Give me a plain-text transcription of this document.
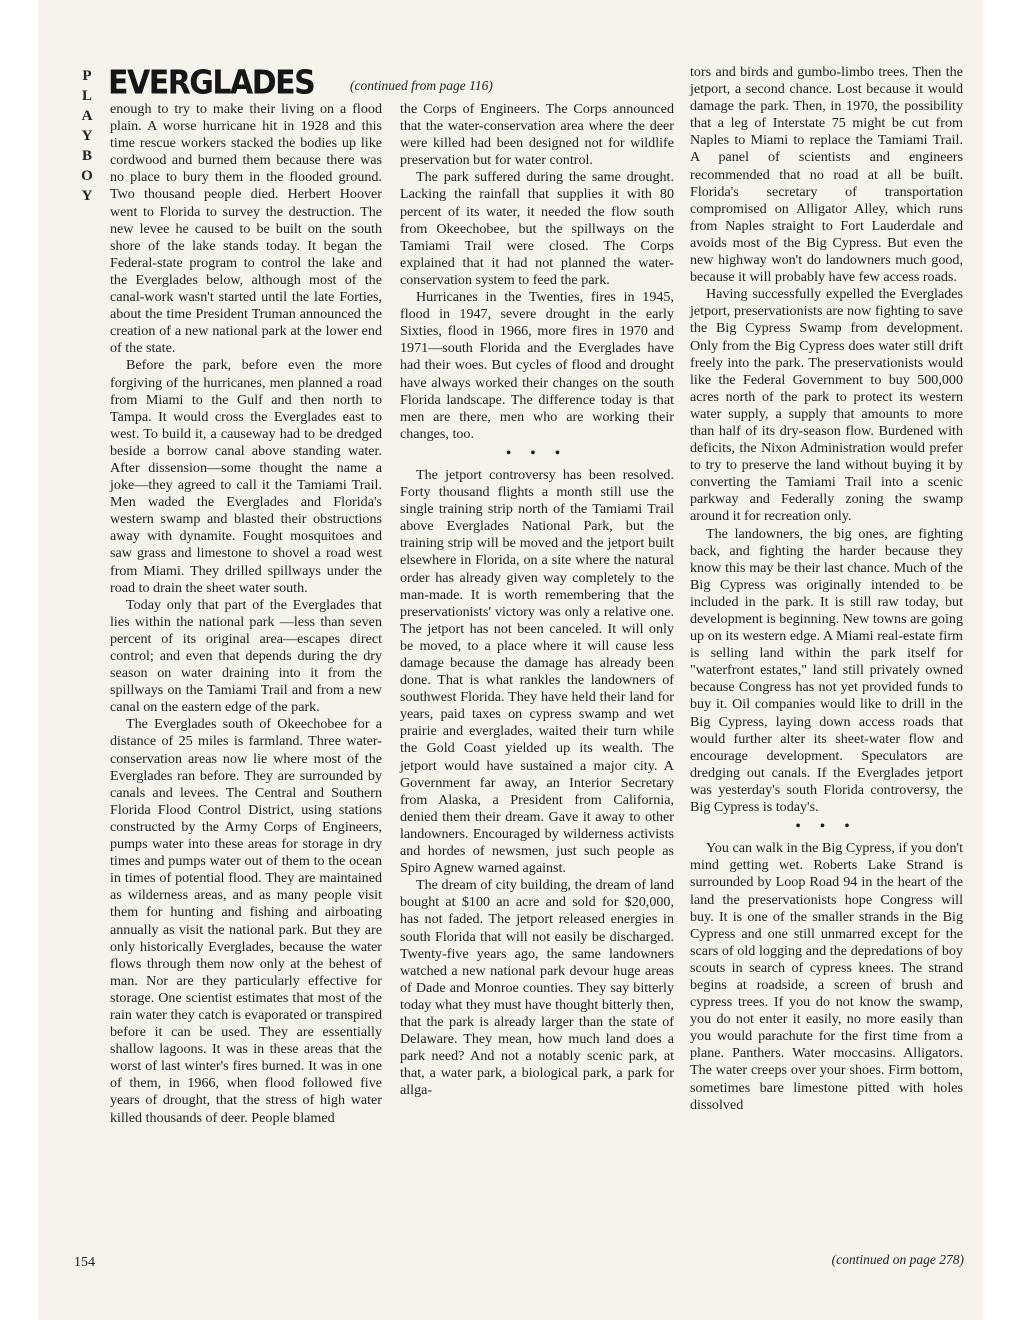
P
L
A
Y
B
O
Y
EVERGLADES	(continued from page 116)

enough to try to make their living on a flood plain. A worse hurricane hit in 1928 and this time rescue workers stacked the bodies up like cordwood and burned them because there was no place to bury them in the flooded ground. Two thousand people died. Herbert Hoover went to Florida to survey the destruction. The new levee he caused to be built on the south shore of the lake stands today. It began the Federal-state program to control the lake and the Everglades below, although most of the canal-work wasn't started until the late Forties, about the time President Truman announced the creation of a new national park at the lower end of the state.

Before the park, before even the more forgiving of the hurricanes, men planned a road from Miami to the Gulf and then north to Tampa. It would cross the Everglades east to west. To build it, a causeway had to be dredged beside a borrow canal above standing water. After dissension—some thought the name a joke—they agreed to call it the Tamiami Trail. Men waded the Everglades and Florida's western swamp and blasted their obstructions away with dynamite. Fought mosquitoes and saw grass and limestone to shovel a road west from Miami. They drilled spillways under the road to drain the sheet water south.

Today only that part of the Everglades that lies within the national park —less than seven percent of its original area—escapes direct control; and even that depends during the dry season on water draining into it from the spillways on the Tamiami Trail and from a new canal on the eastern edge of the park.

The Everglades south of Okeechobee for a distance of 25 miles is farmland. Three water-conservation areas now lie where most of the Everglades ran before. They are surrounded by canals and levees. The Central and Southern Florida Flood Control District, using stations constructed by the Army Corps of Engineers, pumps water into these areas for storage in dry times and pumps water out of them to the ocean in times of potential flood. They are maintained as wilderness areas, and as many people visit them for hunting and fishing and airboating annually as visit the national park. But they are only historically Everglades, because the water flows through them now only at the behest of man. Nor are they particularly effective for storage. One scientist estimates that most of the rain water they catch is evaporated or transpired before it can be used. They are essentially shallow lagoons. It was in these areas that the worst of last winter's fires burned. It was in one of them, in 1966, when flood followed five years of drought, that the stress of high water killed thousands of deer. People blamed

the Corps of Engineers. The Corps announced that the water-conservation area where the deer were killed had been designed not for wildlife preservation but for water control.

The park suffered during the same drought. Lacking the rainfall that supplies it with 80 percent of its water, it needed the flow south from Okeechobee, but the spillways on the Tamiami Trail were closed. The Corps explained that it had not planned the water-conservation system to feed the park.

Hurricanes in the Twenties, fires in 1945, flood in 1947, severe drought in the early Sixties, flood in 1966, more fires in 1970 and 1971—south Florida and the Everglades have had their woes. But cycles of flood and drought have always worked their changes on the south Florida landscape. The difference today is that men are there, men who are working their changes, too.

• • •

The jetport controversy has been resolved. Forty thousand flights a month still use the single training strip north of the Tamiami Trail above Everglades National Park, but the training strip will be moved and the jetport built elsewhere in Florida, on a site where the natural order has already given way completely to the man-made. It is worth remembering that the preservationists' victory was only a relative one. The jetport has not been canceled. It will only be moved, to a place where it will cause less damage because the damage has already been done. That is what rankles the landowners of southwest Florida. They have held their land for years, paid taxes on cypress swamp and wet prairie and everglades, waited their turn while the Gold Coast yielded up its wealth. The jetport would have sustained a major city. A Government far away, an Interior Secretary from Alaska, a President from California, denied them their dream. Gave it away to other landowners. Encouraged by wilderness activists and hordes of newsmen, just such people as Spiro Agnew warned against.

The dream of city building, the dream of land bought at $100 an acre and sold for $20,000, has not faded. The jetport released energies in south Florida that will not easily be discharged. Twenty-five years ago, the same landowners watched a new national park devour huge areas of Dade and Monroe counties. They say bitterly today what they must have thought bitterly then, that the park is already larger than the state of Delaware. They mean, how much land does a park need? And not a notably scenic park, at that, a water park, a biological park, a park for allga-

tors and birds and gumbo-limbo trees. Then the jetport, a second chance. Lost because it would damage the park. Then, in 1970, the possibility that a leg of Interstate 75 might be cut from Naples to Miami to replace the Tamiami Trail. A panel of scientists and engineers recommended that no road at all be built. Florida's secretary of transportation compromised on Alligator Alley, which runs from Naples straight to Fort Lauderdale and avoids most of the Big Cypress. But even the new highway won't do landowners much good, because it will probably have few access roads.

Having successfully expelled the Everglades jetport, preservationists are now fighting to save the Big Cypress Swamp from development. Only from the Big Cypress does water still drift freely into the park. The preservationists would like the Federal Government to buy 500,000 acres north of the park to protect its western water supply, a supply that amounts to more than half of its dry-season flow. Burdened with deficits, the Nixon Administration would prefer to try to preserve the land without buying it by converting the Tamiami Trail into a scenic parkway and Federally zoning the swamp around it for recreation only.

The landowners, the big ones, are fighting back, and fighting the harder because they know this may be their last chance. Much of the Big Cypress was originally intended to be included in the park. It is still raw today, but development is beginning. New towns are going up on its western edge. A Miami real-estate firm is selling land within the park itself for "waterfront estates," land still privately owned because Congress has not yet provided funds to buy it. Oil companies would like to drill in the Big Cypress, laying down access roads that would further alter its sheet-water flow and encourage development. Speculators are dredging out canals. If the Everglades jetport was yesterday's south Florida controversy, the Big Cypress is today's.

• • •

You can walk in the Big Cypress, if you don't mind getting wet. Roberts Lake Strand is surrounded by Loop Road 94 in the heart of the land the preservationists hope Congress will buy. It is one of the smaller strands in the Big Cypress and one still unmarred except for the scars of old logging and the depredations of boy scouts in search of cypress knees. The strand begins at roadside, a screen of brush and cypress trees. If you do not know the swamp, you do not enter it easily, no more easily than you would parachute for the first time from a plane. Panthers. Water moccasins. Alligators. The water creeps over your shoes. Firm bottom, sometimes bare limestone pitted with holes dissolved

154	(continued on page 278)
